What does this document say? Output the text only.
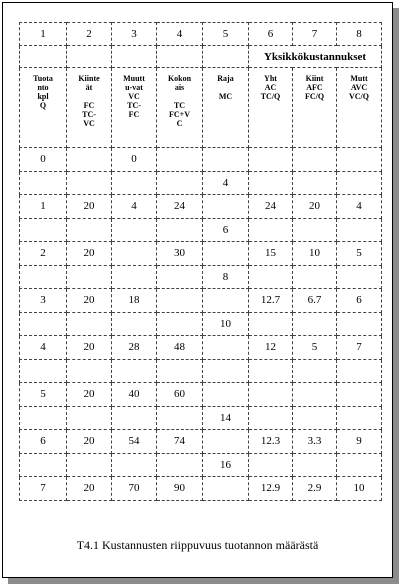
1	2	3	4	5	6	7	8
					Yksikkökustannukset		

Tuota
nto
kpl
Q	Kiinte
ät
FC
TC-
VC	Muutt
u-vat
VC
TC-
FC	Kokon
ais
TC
FC+V
C	Raja
MC	Yht
AC
TC/Q	Kiint
AFC
FC/Q	Mutt
AVC
VC/Q

0		0					
				4			
1	20	4	24		24	20	4
				6			
2	20		30		15	10	5
				8			
3	20	18			12.7	6.7	6
				10			
4	20	28	48		12	5	7

5	20	40	60				
				14			
6	20	54	74		12.3	3.3	9
				16			
7	20	70	90		12.9	2.9	10
T4.1 Kustannusten riippuvuus tuotannon määrästä
